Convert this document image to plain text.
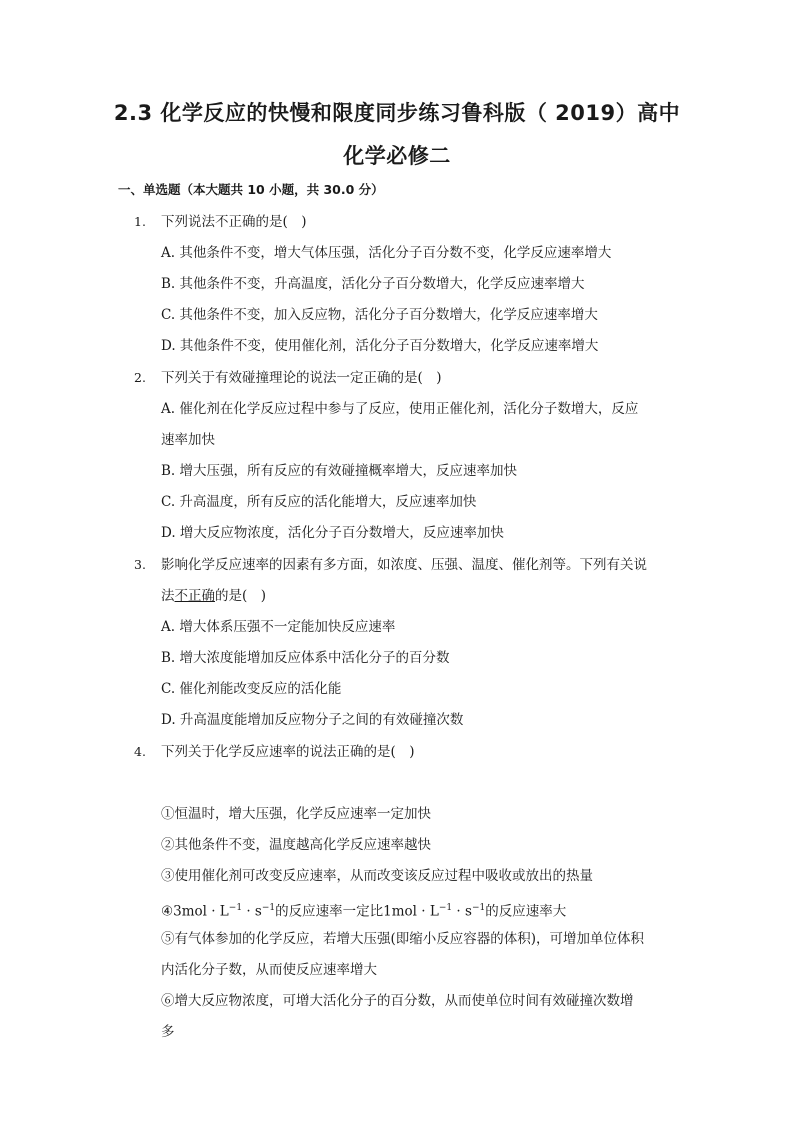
2.3 化学反应的快慢和限度同步练习鲁科版（ 2019）高中
化学必修二
一、单选题（本大题共 10 小题，共 30.0 分）
1. 下列说法不正确的是(　)
A. 其他条件不变，增大气体压强，活化分子百分数不变，化学反应速率增大
B. 其他条件不变，升高温度，活化分子百分数增大，化学反应速率增大
C. 其他条件不变，加入反应物，活化分子百分数增大，化学反应速率增大
D. 其他条件不变，使用催化剂，活化分子百分数增大，化学反应速率增大
2. 下列关于有效碰撞理论的说法一定正确的是(　)
A. 催化剂在化学反应过程中参与了反应，使用正催化剂，活化分子数增大，反应
速率加快
B. 增大压强，所有反应的有效碰撞概率增大，反应速率加快
C. 升高温度，所有反应的活化能增大，反应速率加快
D. 增大反应物浓度，活化分子百分数增大，反应速率加快
3. 影响化学反应速率的因素有多方面，如浓度、压强、温度、催化剂等。下列有关说
法不正确的是(　)
A. 增大体系压强不一定能加快反应速率
B. 增大浓度能增加反应体系中活化分子的百分数
C. 催化剂能改变反应的活化能
D. 升高温度能增加反应物分子之间的有效碰撞次数
4. 下列关于化学反应速率的说法正确的是(　)
①恒温时，增大压强，化学反应速率一定加快
②其他条件不变，温度越高化学反应速率越快
③使用催化剂可改变反应速率，从而改变该反应过程中吸收或放出的热量
④3mol · $L^{-1} \cdot s^{-1}$的反应速率一定比$1mol \cdot L^{-1} \cdot s^{-1}$的反应速率大
⑤有气体参加的化学反应，若增大压强(即缩小反应容器的体积)，可增加单位体积
内活化分子数，从而使反应速率增大
⑥增大反应物浓度，可增大活化分子的百分数，从而使单位时间有效碰撞次数增
多
